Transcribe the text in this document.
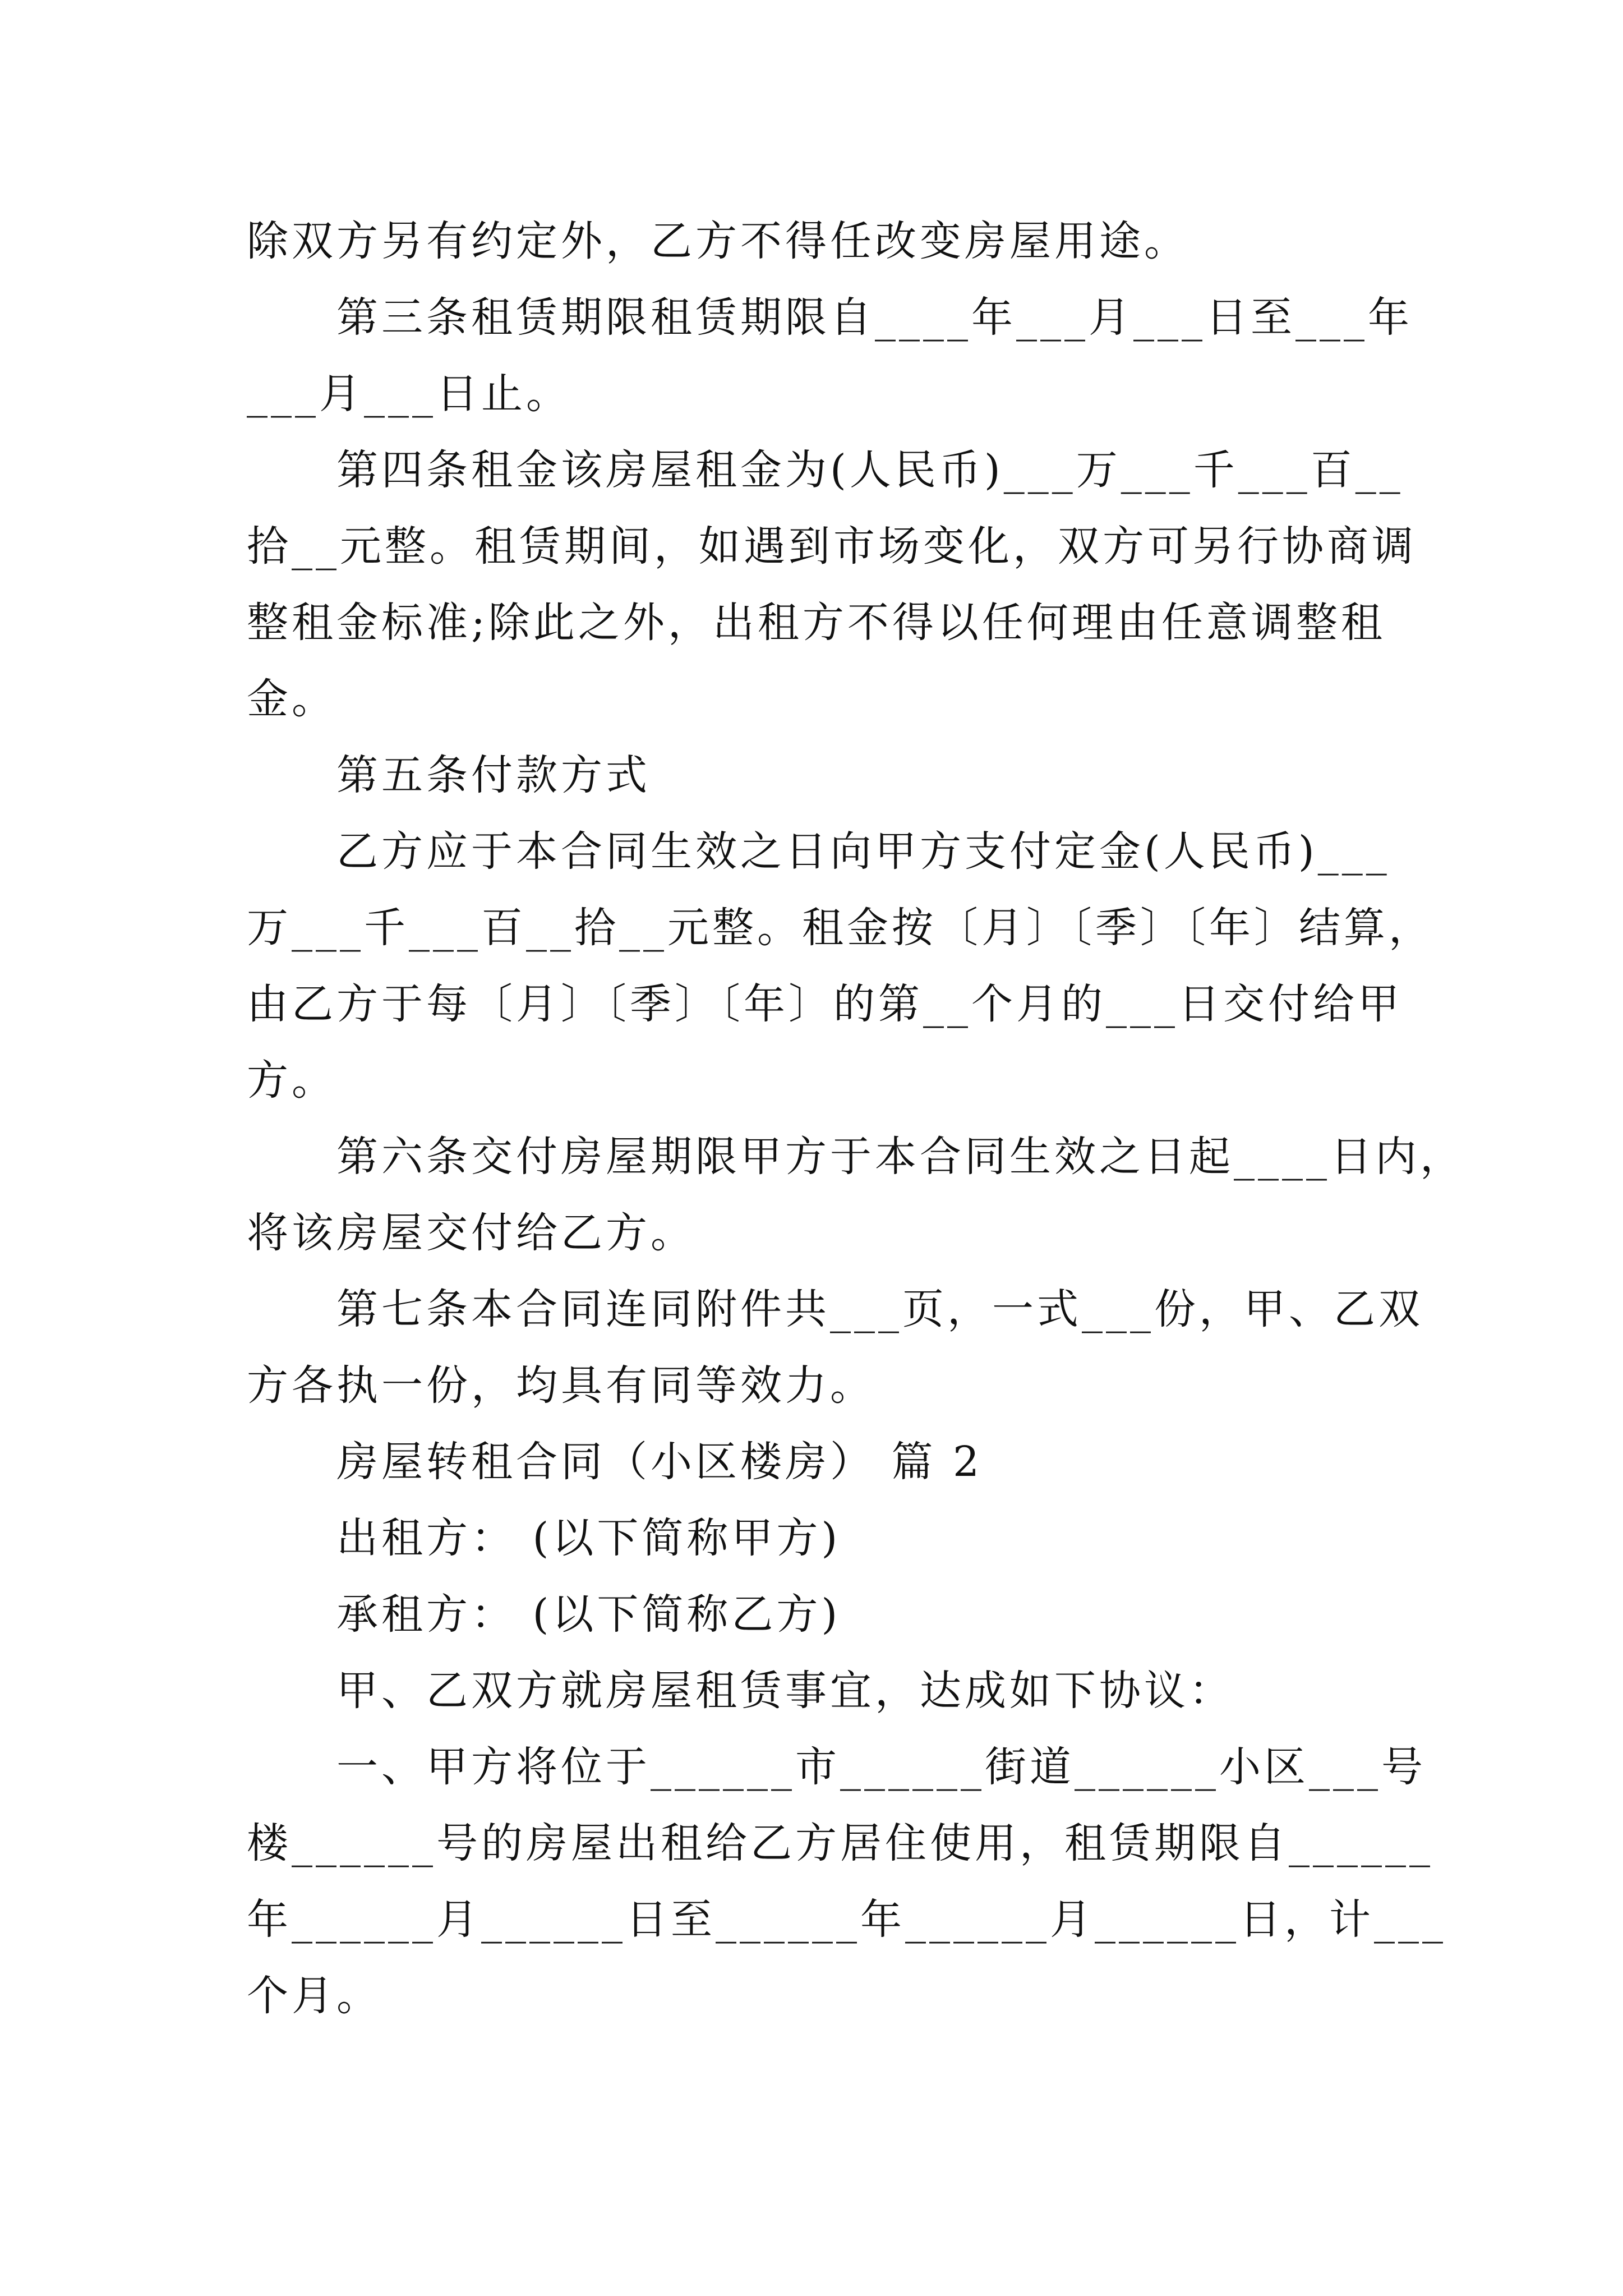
除双方另有约定外，乙方不得任改变房屋用途。
第三条租赁期限租赁期限自____年___月___日至___年
___月___日止。
第四条租金该房屋租金为(人民币)___万___千___百__
拾__元整。租赁期间，如遇到市场变化，双方可另行协商调
整租金标准;除此之外，出租方不得以任何理由任意调整租
金。
第五条付款方式
乙方应于本合同生效之日向甲方支付定金(人民币)___
万___千___百__拾__元整。租金按〔月〕〔季〕〔年〕结算，
由乙方于每〔月〕〔季〕〔年〕的第__个月的___日交付给甲
方。
第六条交付房屋期限甲方于本合同生效之日起____日内，
将该房屋交付给乙方。
第七条本合同连同附件共___页，一式___份，甲、乙双
方各执一份，均具有同等效力。
房屋转租合同（小区楼房） 篇 2
出租方： (以下简称甲方)
承租方： (以下简称乙方)
甲、乙双方就房屋租赁事宜，达成如下协议：
一、甲方将位于______市______街道______小区___号
楼______号的房屋出租给乙方居住使用，租赁期限自______
年______月______日至______年______月______日，计___
个月。
